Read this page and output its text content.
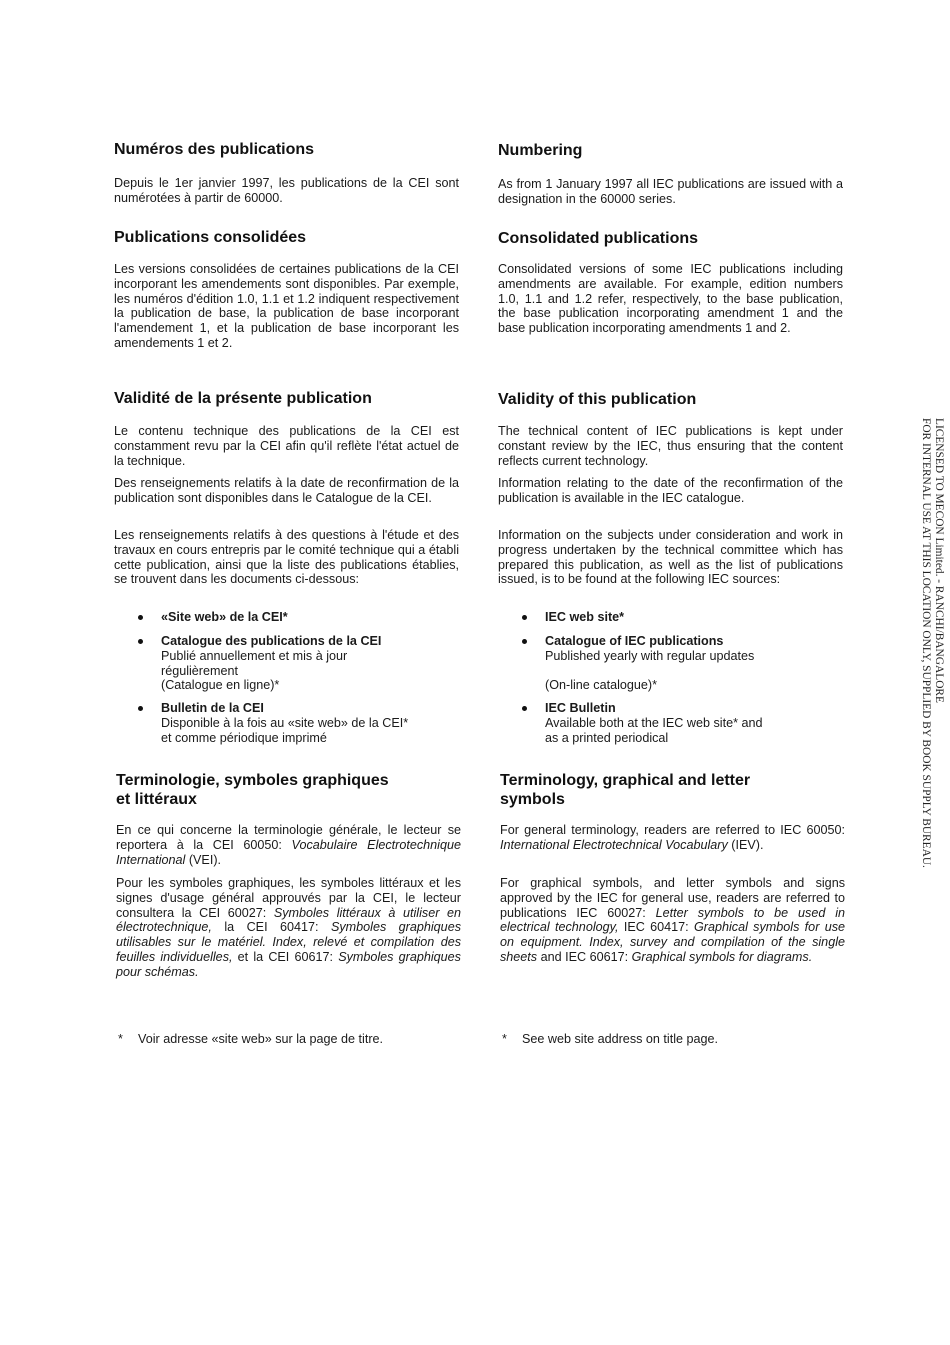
Numéros des publications

Depuis le 1er janvier 1997, les publications de la CEI sont numérotées à partir de 60000.

Publications consolidées

Les versions consolidées de certaines publications de la CEI incorporant les amendements sont disponibles. Par exemple, les numéros d'édition 1.0, 1.1 et 1.2 indiquent respectivement la publication de base, la publication de base incorporant l'amendement 1, et la publication de base incorporant les amendements 1 et 2.

Validité de la présente publication

Le contenu technique des publications de la CEI est constamment revu par la CEI afin qu'il reflète l'état actuel de la technique.

Des renseignements relatifs à la date de reconfirmation de la publication sont disponibles dans le Catalogue de la CEI.

Les renseignements relatifs à des questions à l'étude et des travaux en cours entrepris par le comité technique qui a établi cette publication, ainsi que la liste des publications établies, se trouvent dans les documents ci-dessous:

«Site web» de la CEI*
Catalogue des publications de la CEI
Publié annuellement et mis à jour
régulièrement
(Catalogue en ligne)*
Bulletin de la CEI
Disponible à la fois au «site web» de la CEI*
et comme périodique imprimé
Terminologie, symboles graphiques
et littéraux

En ce qui concerne la terminologie générale, le lecteur se reportera à la CEI 60050: Vocabulaire Electrotechnique International (VEI).

Pour les symboles graphiques, les symboles littéraux et les signes d'usage général approuvés par la CEI, le lecteur consultera la CEI 60027: Symboles littéraux à utiliser en électrotechnique, la CEI 60417: Symboles graphiques utilisables sur le matériel. Index, relevé et compilation des feuilles individuelles, et la CEI 60617: Symboles graphiques pour schémas.

* Voir adresse «site web» sur la page de titre.
Numbering

As from 1 January 1997 all IEC publications are issued with a designation in the 60000 series.

Consolidated publications

Consolidated versions of some IEC publications including amendments are available. For example, edition numbers 1.0, 1.1 and 1.2 refer, respectively, to the base publication, the base publication incorporating amendment 1 and the base publication incorporating amendments 1 and 2.

Validity of this publication

The technical content of IEC publications is kept under constant review by the IEC, thus ensuring that the content reflects current technology.

Information relating to the date of the reconfirmation of the publication is available in the IEC catalogue.

Information on the subjects under consideration and work in progress undertaken by the technical committee which has prepared this publication, as well as the list of publications issued, is to be found at the following IEC sources:

IEC web site*
Catalogue of IEC publications
Published yearly with regular updates
(On-line catalogue)*
IEC Bulletin
Available both at the IEC web site* and
as a printed periodical
Terminology, graphical and letter
symbols

For general terminology, readers are referred to IEC 60050: International Electrotechnical Vocabulary (IEV).

For graphical symbols, and letter symbols and signs approved by the IEC for general use, readers are referred to publications IEC 60027: Letter symbols to be used in electrical technology, IEC 60417: Graphical symbols for use on equipment. Index, survey and compilation of the single sheets and IEC 60617: Graphical symbols for diagrams.

* See web site address on title page.
LICENSED TO MECON Limited. - RANCHI/BANGALORE
FOR INTERNAL USE AT THIS LOCATION ONLY, SUPPLIED BY BOOK SUPPLY BUREAU.
